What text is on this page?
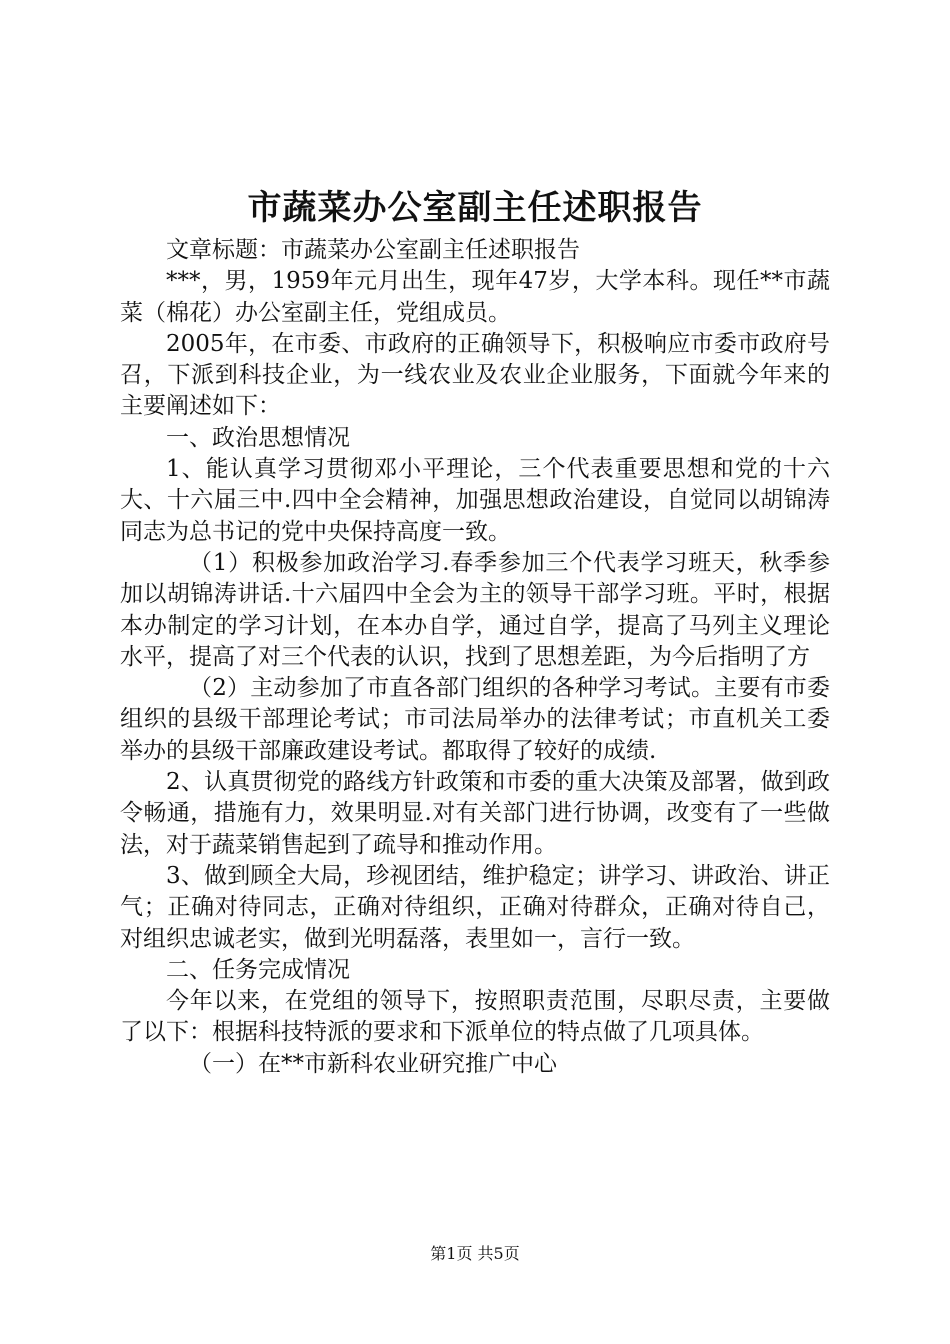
市蔬菜办公室副主任述职报告

文章标题：市蔬菜办公室副主任述职报告

***，男，1959年元月出生，现年47岁，大学本科。现任**市蔬菜（棉花）办公室副主任，党组成员。

2005年，在市委、市政府的正确领导下，积极响应市委市政府号召，下派到科技企业，为一线农业及农业企业服务，下面就今年来的主要阐述如下：

一、政治思想情况

1、能认真学习贯彻邓小平理论，三个代表重要思想和党的十六大、十六届三中.四中全会精神，加强思想政治建设，自觉同以胡锦涛同志为总书记的党中央保持高度一致。

（1）积极参加政治学习.春季参加三个代表学习班天，秋季参加以胡锦涛讲话.十六届四中全会为主的领导干部学习班。平时，根据本办制定的学习计划，在本办自学，通过自学，提高了马列主义理论水平，提高了对三个代表的认识，找到了思想差距，为今后指明了方

（2）主动参加了市直各部门组织的各种学习考试。主要有市委组织的县级干部理论考试；市司法局举办的法律考试；市直机关工委举办的县级干部廉政建设考试。都取得了较好的成绩.

2、认真贯彻党的路线方针政策和市委的重大决策及部署，做到政令畅通，措施有力，效果明显.对有关部门进行协调，改变有了一些做法，对于蔬菜销售起到了疏导和推动作用。

3、做到顾全大局，珍视团结，维护稳定；讲学习、讲政治、讲正气；正确对待同志，正确对待组织，正确对待群众，正确对待自己，对组织忠诚老实，做到光明磊落，表里如一，言行一致。

二、任务完成情况

今年以来，在党组的领导下，按照职责范围，尽职尽责，主要做了以下：根据科技特派的要求和下派单位的特点做了几项具体。

（一）在**市新科农业研究推广中心

第1页 共5页
